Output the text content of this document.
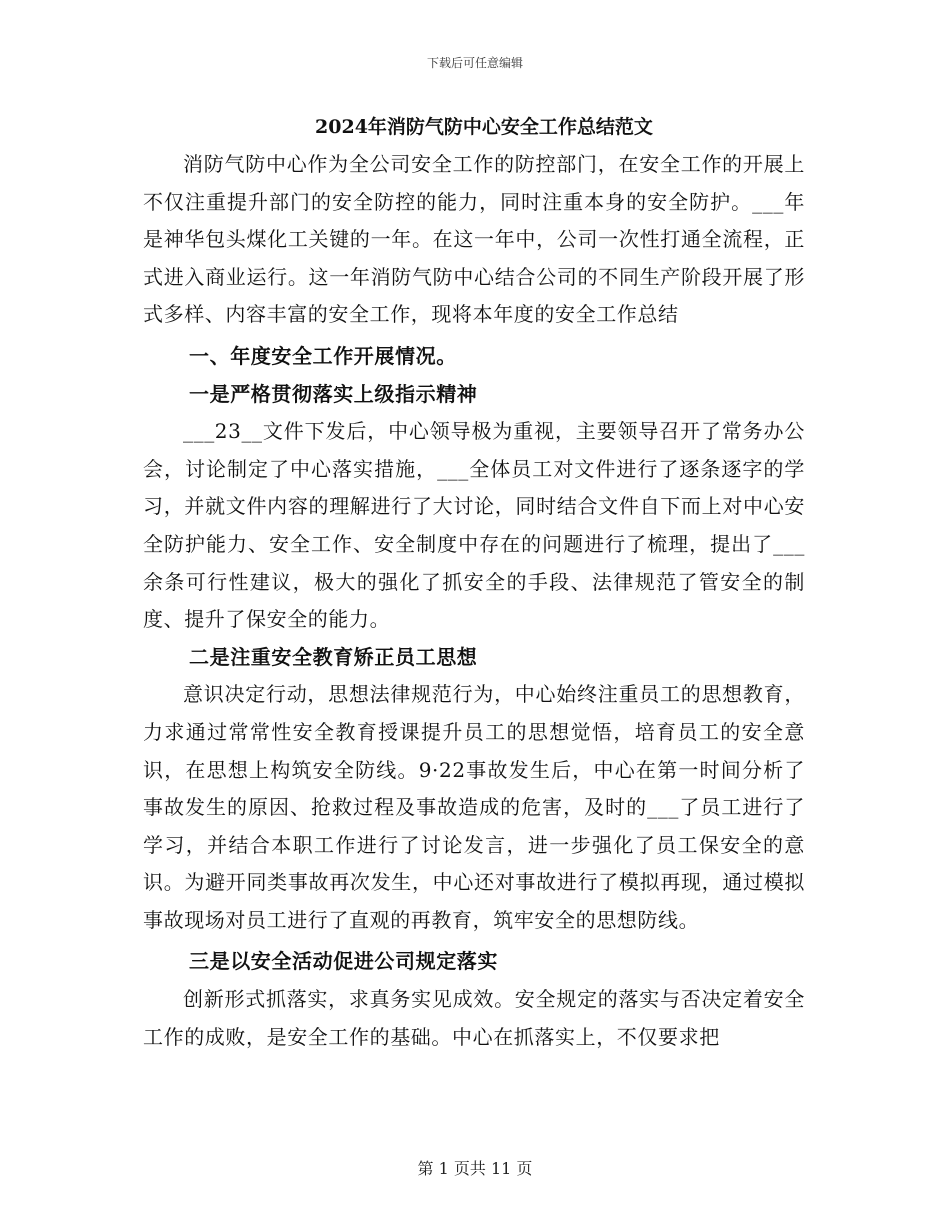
下载后可任意编辑
2024年消防气防中心安全工作总结范文

消防气防中心作为全公司安全工作的防控部门，在安全工作的开展上不仅注重提升部门的安全防控的能力，同时注重本身的安全防护。___年是神华包头煤化工关键的一年。在这一年中，公司一次性打通全流程，正式进入商业运行。这一年消防气防中心结合公司的不同生产阶段开展了形式多样、内容丰富的安全工作，现将本年度的安全工作总结

一、年度安全工作开展情况。

一是严格贯彻落实上级指示精神

___23__文件下发后，中心领导极为重视，主要领导召开了常务办公会，讨论制定了中心落实措施，___全体员工对文件进行了逐条逐字的学习，并就文件内容的理解进行了大讨论，同时结合文件自下而上对中心安全防护能力、安全工作、安全制度中存在的问题进行了梳理，提出了___余条可行性建议，极大的强化了抓安全的手段、法律规范了管安全的制度、提升了保安全的能力。

二是注重安全教育矫正员工思想

意识决定行动，思想法律规范行为，中心始终注重员工的思想教育，力求通过常常性安全教育授课提升员工的思想觉悟，培育员工的安全意识，在思想上构筑安全防线。9·22事故发生后，中心在第一时间分析了事故发生的原因、抢救过程及事故造成的危害，及时的___了员工进行了学习，并结合本职工作进行了讨论发言，进一步强化了员工保安全的意识。为避开同类事故再次发生，中心还对事故进行了模拟再现，通过模拟事故现场对员工进行了直观的再教育，筑牢安全的思想防线。

三是以安全活动促进公司规定落实

创新形式抓落实，求真务实见成效。安全规定的落实与否决定着安全工作的成败，是安全工作的基础。中心在抓落实上，不仅要求把

第 1 页共 11 页
